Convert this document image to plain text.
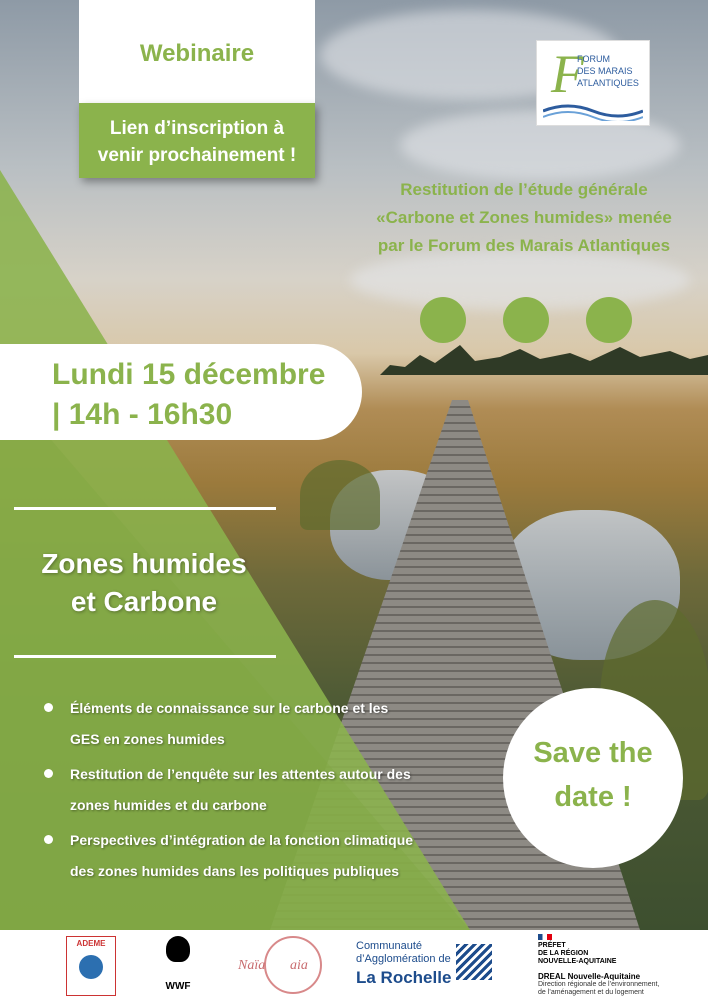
Webinaire
Lien d’inscription à
venir prochainement !
F
FORUM
DES MARAIS
ATLANTIQUES
Restitution de l’étude générale
«Carbone et Zones humides» menée
par le Forum des Marais Atlantiques
Lundi 15 décembre
| 14h - 16h30
Zones humides
et Carbone
Éléments de connaissance sur le carbone et les
GES en zones humides
Restitution de l’enquête sur les attentes autour des
zones humides et du carbone
Perspectives d’intégration de la fonction climatique
des zones humides dans les politiques publiques
Save the
date !
ADEME
WWF
Naïa aia
Communauté
d’Agglomération de
La Rochelle
PRÉFET
DE LA RÉGION
NOUVELLE-AQUITAINE
DREAL Nouvelle-Aquitaine
Direction régionale de l’environnement,
de l’aménagement et du logement
